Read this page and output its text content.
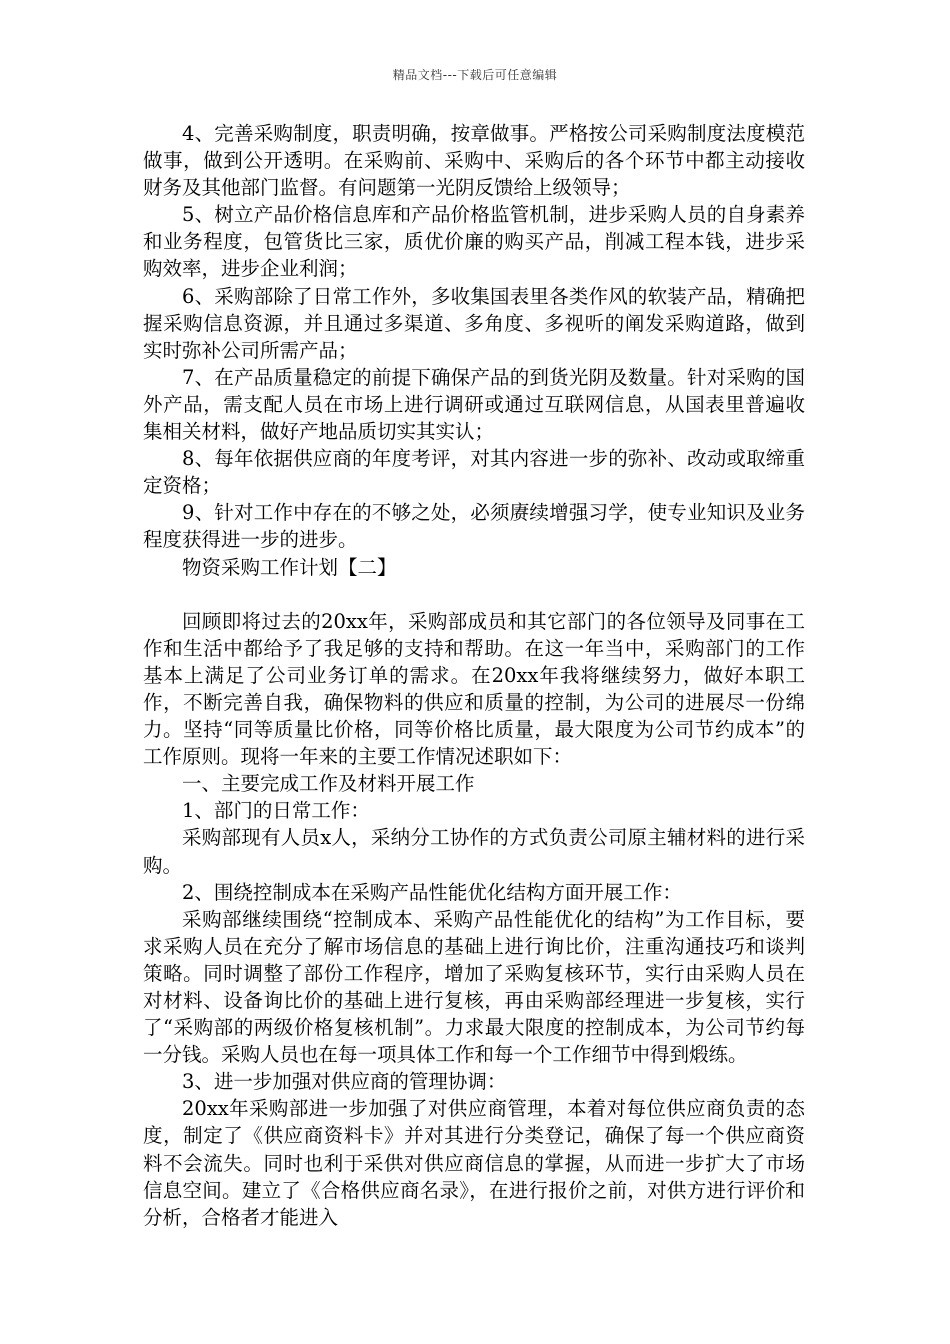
精品文档---下载后可任意编辑

4、完善采购制度，职责明确，按章做事。严格按公司采购制度法度模范做事，做到公开透明。在采购前、采购中、采购后的各个环节中都主动接收财务及其他部门监督。有问题第一光阴反馈给上级领导；

5、树立产品价格信息库和产品价格监管机制，进步采购人员的自身素养和业务程度，包管货比三家，质优价廉的购买产品，削减工程本钱，进步采购效率，进步企业利润；

6、采购部除了日常工作外，多收集国表里各类作风的软装产品，精确把握采购信息资源，并且通过多渠道、多角度、多视听的阐发采购道路，做到实时弥补公司所需产品；

7、在产品质量稳定的前提下确保产品的到货光阴及数量。针对采购的国外产品，需支配人员在市场上进行调研或通过互联网信息，从国表里普遍收集相关材料，做好产地品质切实其实认；

8、每年依据供应商的年度考评，对其内容进一步的弥补、改动或取缔重定资格；

9、针对工作中存在的不够之处，必须赓续增强习学，使专业知识及业务程度获得进一步的进步。

物资采购工作计划【二】

回顾即将过去的20xx年，采购部成员和其它部门的各位领导及同事在工作和生活中都给予了我足够的支持和帮助。在这一年当中，采购部门的工作基本上满足了公司业务订单的需求。在20xx年我将继续努力，做好本职工作，不断完善自我，确保物料的供应和质量的控制，为公司的进展尽一份绵力。坚持“同等质量比价格，同等价格比质量，最大限度为公司节约成本”的工作原则。现将一年来的主要工作情况述职如下：

一、主要完成工作及材料开展工作

1、部门的日常工作：

采购部现有人员x人，采纳分工协作的方式负责公司原主辅材料的进行采购。

2、围绕控制成本在采购产品性能优化结构方面开展工作：

采购部继续围绕“控制成本、采购产品性能优化的结构”为工作目标，要求采购人员在充分了解市场信息的基础上进行询比价，注重沟通技巧和谈判策略。同时调整了部份工作程序，增加了采购复核环节，实行由采购人员在对材料、设备询比价的基础上进行复核，再由采购部经理进一步复核，实行了“采购部的两级价格复核机制”。力求最大限度的控制成本，为公司节约每一分钱。采购人员也在每一项具体工作和每一个工作细节中得到煅练。

3、进一步加强对供应商的管理协调：

20xx年采购部进一步加强了对供应商管理，本着对每位供应商负责的态度，制定了《供应商资料卡》并对其进行分类登记，确保了每一个供应商资料不会流失。同时也利于采供对供应商信息的掌握，从而进一步扩大了市场信息空间。建立了《合格供应商名录》，在进行报价之前，对供方进行评价和分析，合格者才能进入
